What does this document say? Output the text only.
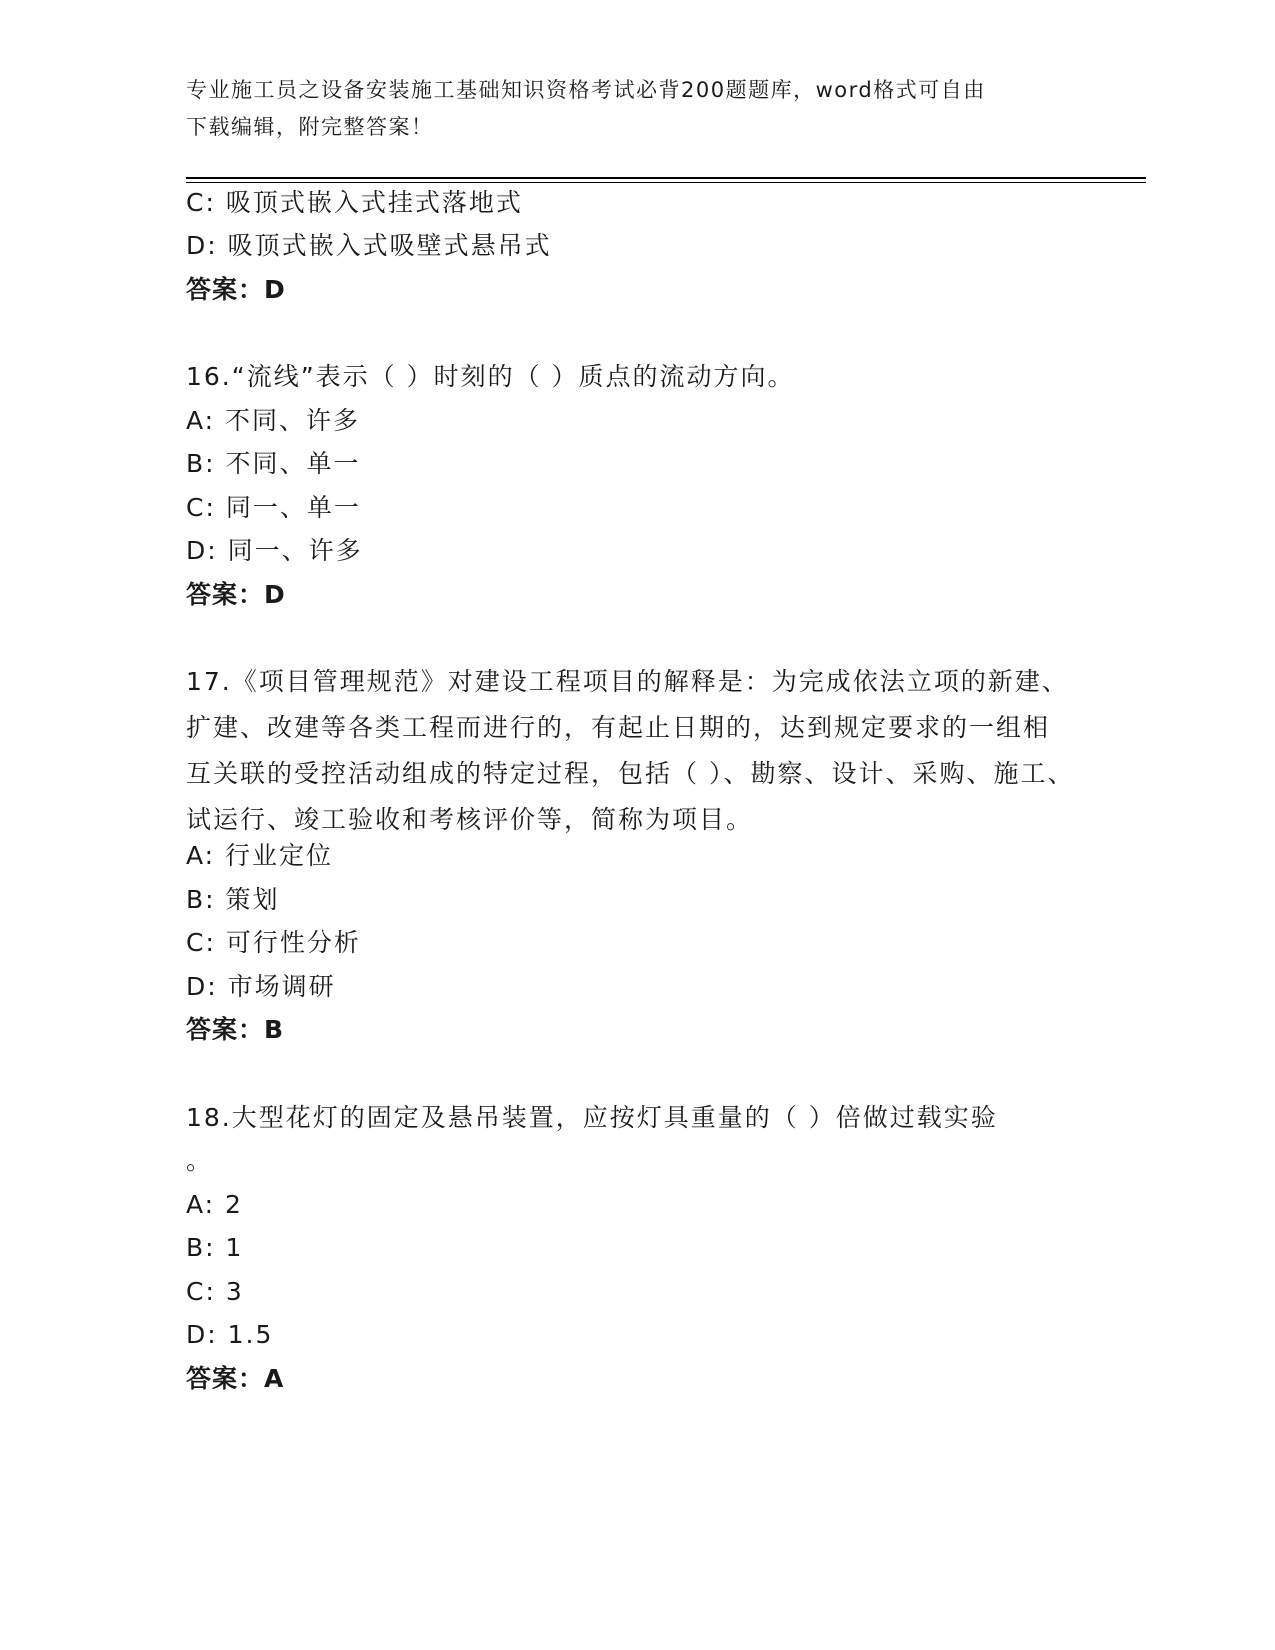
专业施工员之设备安装施工基础知识资格考试必背200题题库，word格式可自由
下载编辑，附完整答案！
C: 吸顶式嵌入式挂式落地式
D: 吸顶式嵌入式吸壁式悬吊式
答案：D
16.“流线”表示（ ）时刻的（ ）质点的流动方向。
A: 不同、许多
B: 不同、单一
C: 同一、单一
D: 同一、许多
答案：D
17.《项目管理规范》对建设工程项目的解释是：为完成依法立项的新建、扩建、改建等各类工程而进行的，有起止日期的，达到规定要求的一组相互关联的受控活动组成的特定过程，包括（ ）、勘察、设计、采购、施工、试运行、竣工验收和考核评价等，简称为项目。
A: 行业定位
B: 策划
C: 可行性分析
D: 市场调研
答案：B
18.大型花灯的固定及悬吊装置，应按灯具重量的（ ）倍做过载实验
。
A: 2
B: 1
C: 3
D: 1.5
答案：A
